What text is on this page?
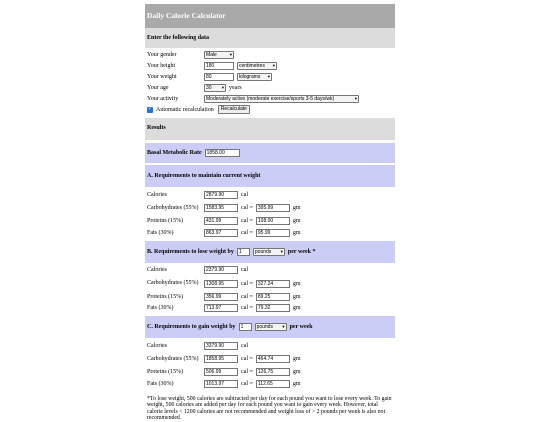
Daily Calorie Calculator
Enter the following data
Your gender	Male	▾
Your height	180	centimetres ▾
Your weight	80	kilograms ▾
Your age	30 ▾ years
Your activity	Moderately active (moderate exercise/sports 3-5 days/wk)	▾
✓ Automatic recalculation	Recalculate
Results
Basal Metabolic Rate	1858.00
A. Requirements to maintain current weight
Calories	2879.90	cal
Carbohydrates (55%)	1583.95	cal =	395.99	gm
Proteins (15%)	431.99	cal =	108.00	gm
Fats (30%)	863.97	cal =	95.99	gm
B. Requirements to lose weight by	1	pounds ▾ per week *
Calories	2379.90	cal
Carbohydrates (55%)	1308.95	cal =	327.24	gm
Proteins (15%)	356.99	cal =	89.25	gm
Fats (30%)	713.97	cal =	79.32	gm
C. Requirements to gain weight by	1	pounds ▾ per week
Calories	3379.90	cal
Carbohydrates (55%)	1858.95	cal =	464.74	gm
Proteins (15%)	506.99	cal =	126.75	gm
Fats (30%)	1013.97	cal =	112.65	gm
*To lose weight, 500 calories are subtracted per day for each pound you want to lose every week. To gain weight, 500 calories are added per day for each pound you want to gain every week. However, total calorie levels < 1200 calories are not recommended and weight loss of > 2 pounds per week is also not recommended.
